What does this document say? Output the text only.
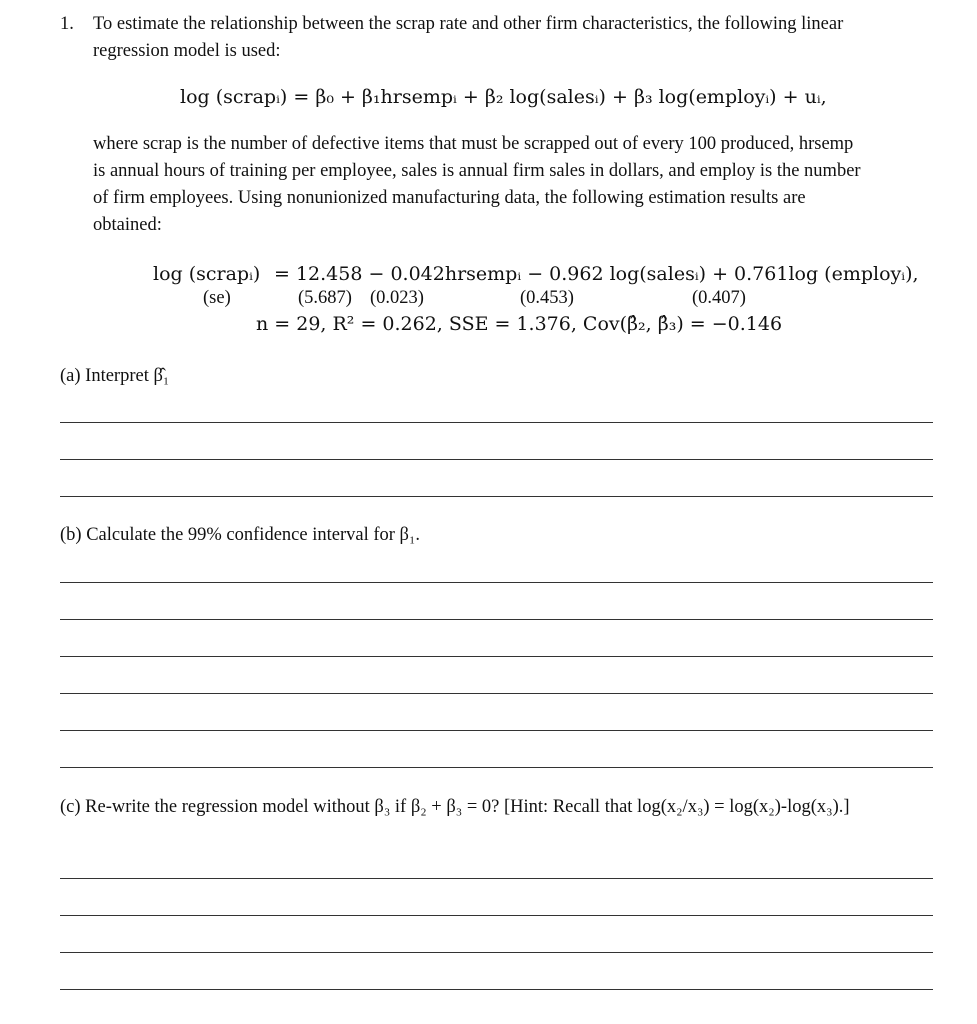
1. To estimate the relationship between the scrap rate and other firm characteristics, the following linear
regression model is used:
log (scrapᵢ) = β₀ + β₁hrsempᵢ + β₂ log(salesᵢ) + β₃ log(employᵢ) + uᵢ,
where scrap is the number of defective items that must be scrapped out of every 100 produced, hrsemp
is annual hours of training per employee, sales is annual firm sales in dollars, and employ is the number
of firm employees. Using nonunionized manufacturing data, the following estimation results are
obtained:
log (scrapᵢ) = 12.458 − 0.042hrsempᵢ − 0.962 log(salesᵢ) + 0.761log (employᵢ),
(se)	(5.687) (0.023)	(0.453)	(0.407)
n = 29, R² = 0.262, SSE = 1.376, Cov(β̂₂, β̂₃) = −0.146
(a) Interpret β̂₁
(b) Calculate the 99% confidence interval for β₁.
(c) Re-write the regression model without β₃ if β₂ + β₃ = 0? [Hint: Recall that log(x₂/x₃) = log(x₂)-log(x₃).]
